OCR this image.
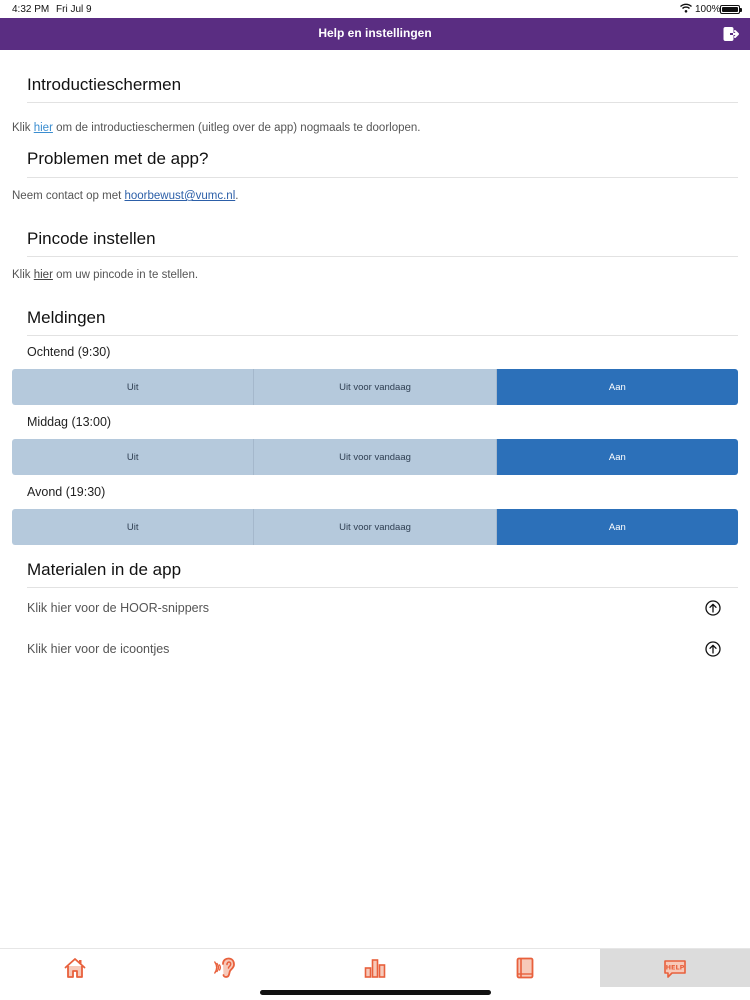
4:32 PM Fri Jul 9	100%
Help en instellingen
Introductieschermen
Klik hier om de introductieschermen (uitleg over de app) nogmaals te doorlopen.
Problemen met de app?
Neem contact op met hoorbewust@vumc.nl.
Pincode instellen
Klik hier om uw pincode in te stellen.
Meldingen
Ochtend (9:30)
Uit	Uit voor vandaag	Aan
Middag (13:00)
Uit	Uit voor vandaag	Aan
Avond (19:30)
Uit	Uit voor vandaag	Aan
Materialen in de app
Klik hier voor de HOOR-snippers
Klik hier voor de icoontjes
HELP
